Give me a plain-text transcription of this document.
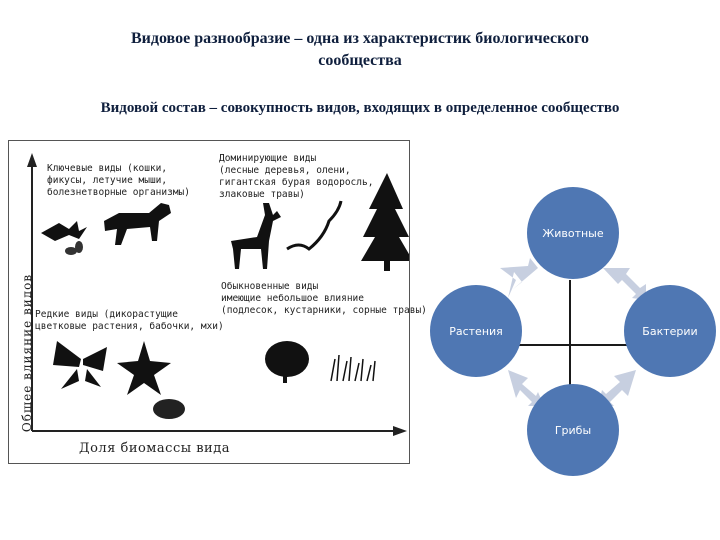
Видовое разнообразие – одна из характеристик биологического
сообщества
Видовой состав – совокупность видов, входящих в определенное сообщество
Ключевые виды (кошки,
фикусы, летучие мыши,
болезнетворные организмы)
Доминирующие виды
(лесные деревья, олени,
гигантская бурая водоросль,
злаковые травы)
Редкие виды (дикорастущие
цветковые растения, бабочки, мхи)
Обыкновенные виды
имеющие небольшое влияние
(подлесок, кустарники, сорные травы)
Общее влияние видов
Доля биомассы вида
Животные
Растения	Бактерии
Грибы
